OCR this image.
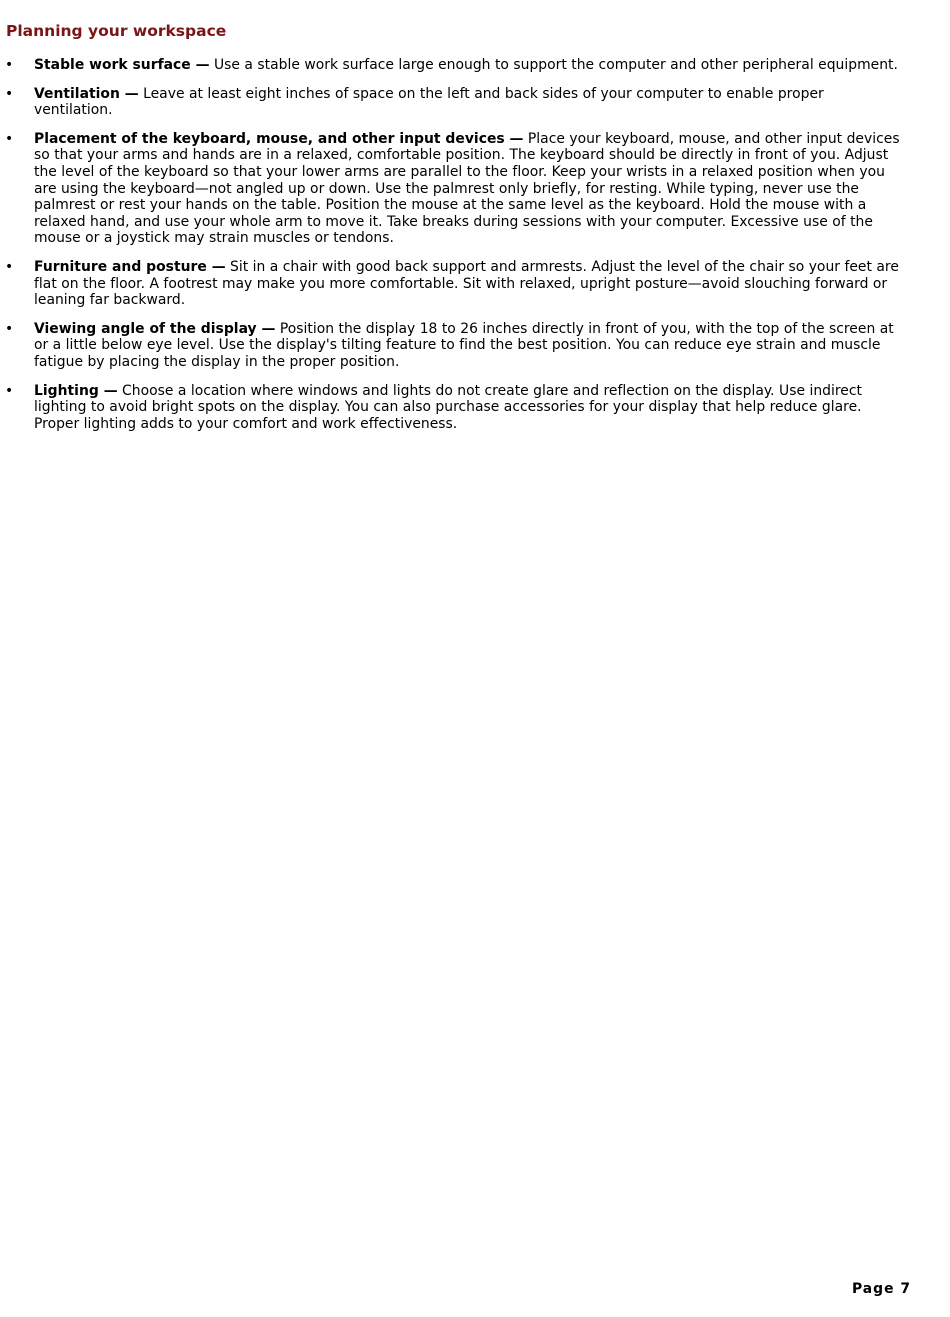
Planning your workspace
• Stable work surface — Use a stable work surface large enough to support the computer and other peripheral equipment.
• Ventilation — Leave at least eight inches of space on the left and back sides of your computer to enable proper ventilation.
• Placement of the keyboard, mouse, and other input devices — Place your keyboard, mouse, and other input devices so that your arms and hands are in a relaxed, comfortable position. The keyboard should be directly in front of you. Adjust the level of the keyboard so that your lower arms are parallel to the floor. Keep your wrists in a relaxed position when you are using the keyboard—not angled up or down. Use the palmrest only briefly, for resting. While typing, never use the palmrest or rest your hands on the table. Position the mouse at the same level as the keyboard. Hold the mouse with a relaxed hand, and use your whole arm to move it. Take breaks during sessions with your computer. Excessive use of the mouse or a joystick may strain muscles or tendons.
• Furniture and posture — Sit in a chair with good back support and armrests. Adjust the level of the chair so your feet are flat on the floor. A footrest may make you more comfortable. Sit with relaxed, upright posture—avoid slouching forward or leaning far backward.
• Viewing angle of the display — Position the display 18 to 26 inches directly in front of you, with the top of the screen at or a little below eye level. Use the display's tilting feature to find the best position. You can reduce eye strain and muscle fatigue by placing the display in the proper position.
• Lighting — Choose a location where windows and lights do not create glare and reflection on the display. Use indirect lighting to avoid bright spots on the display. You can also purchase accessories for your display that help reduce glare. Proper lighting adds to your comfort and work effectiveness.
Page 7
